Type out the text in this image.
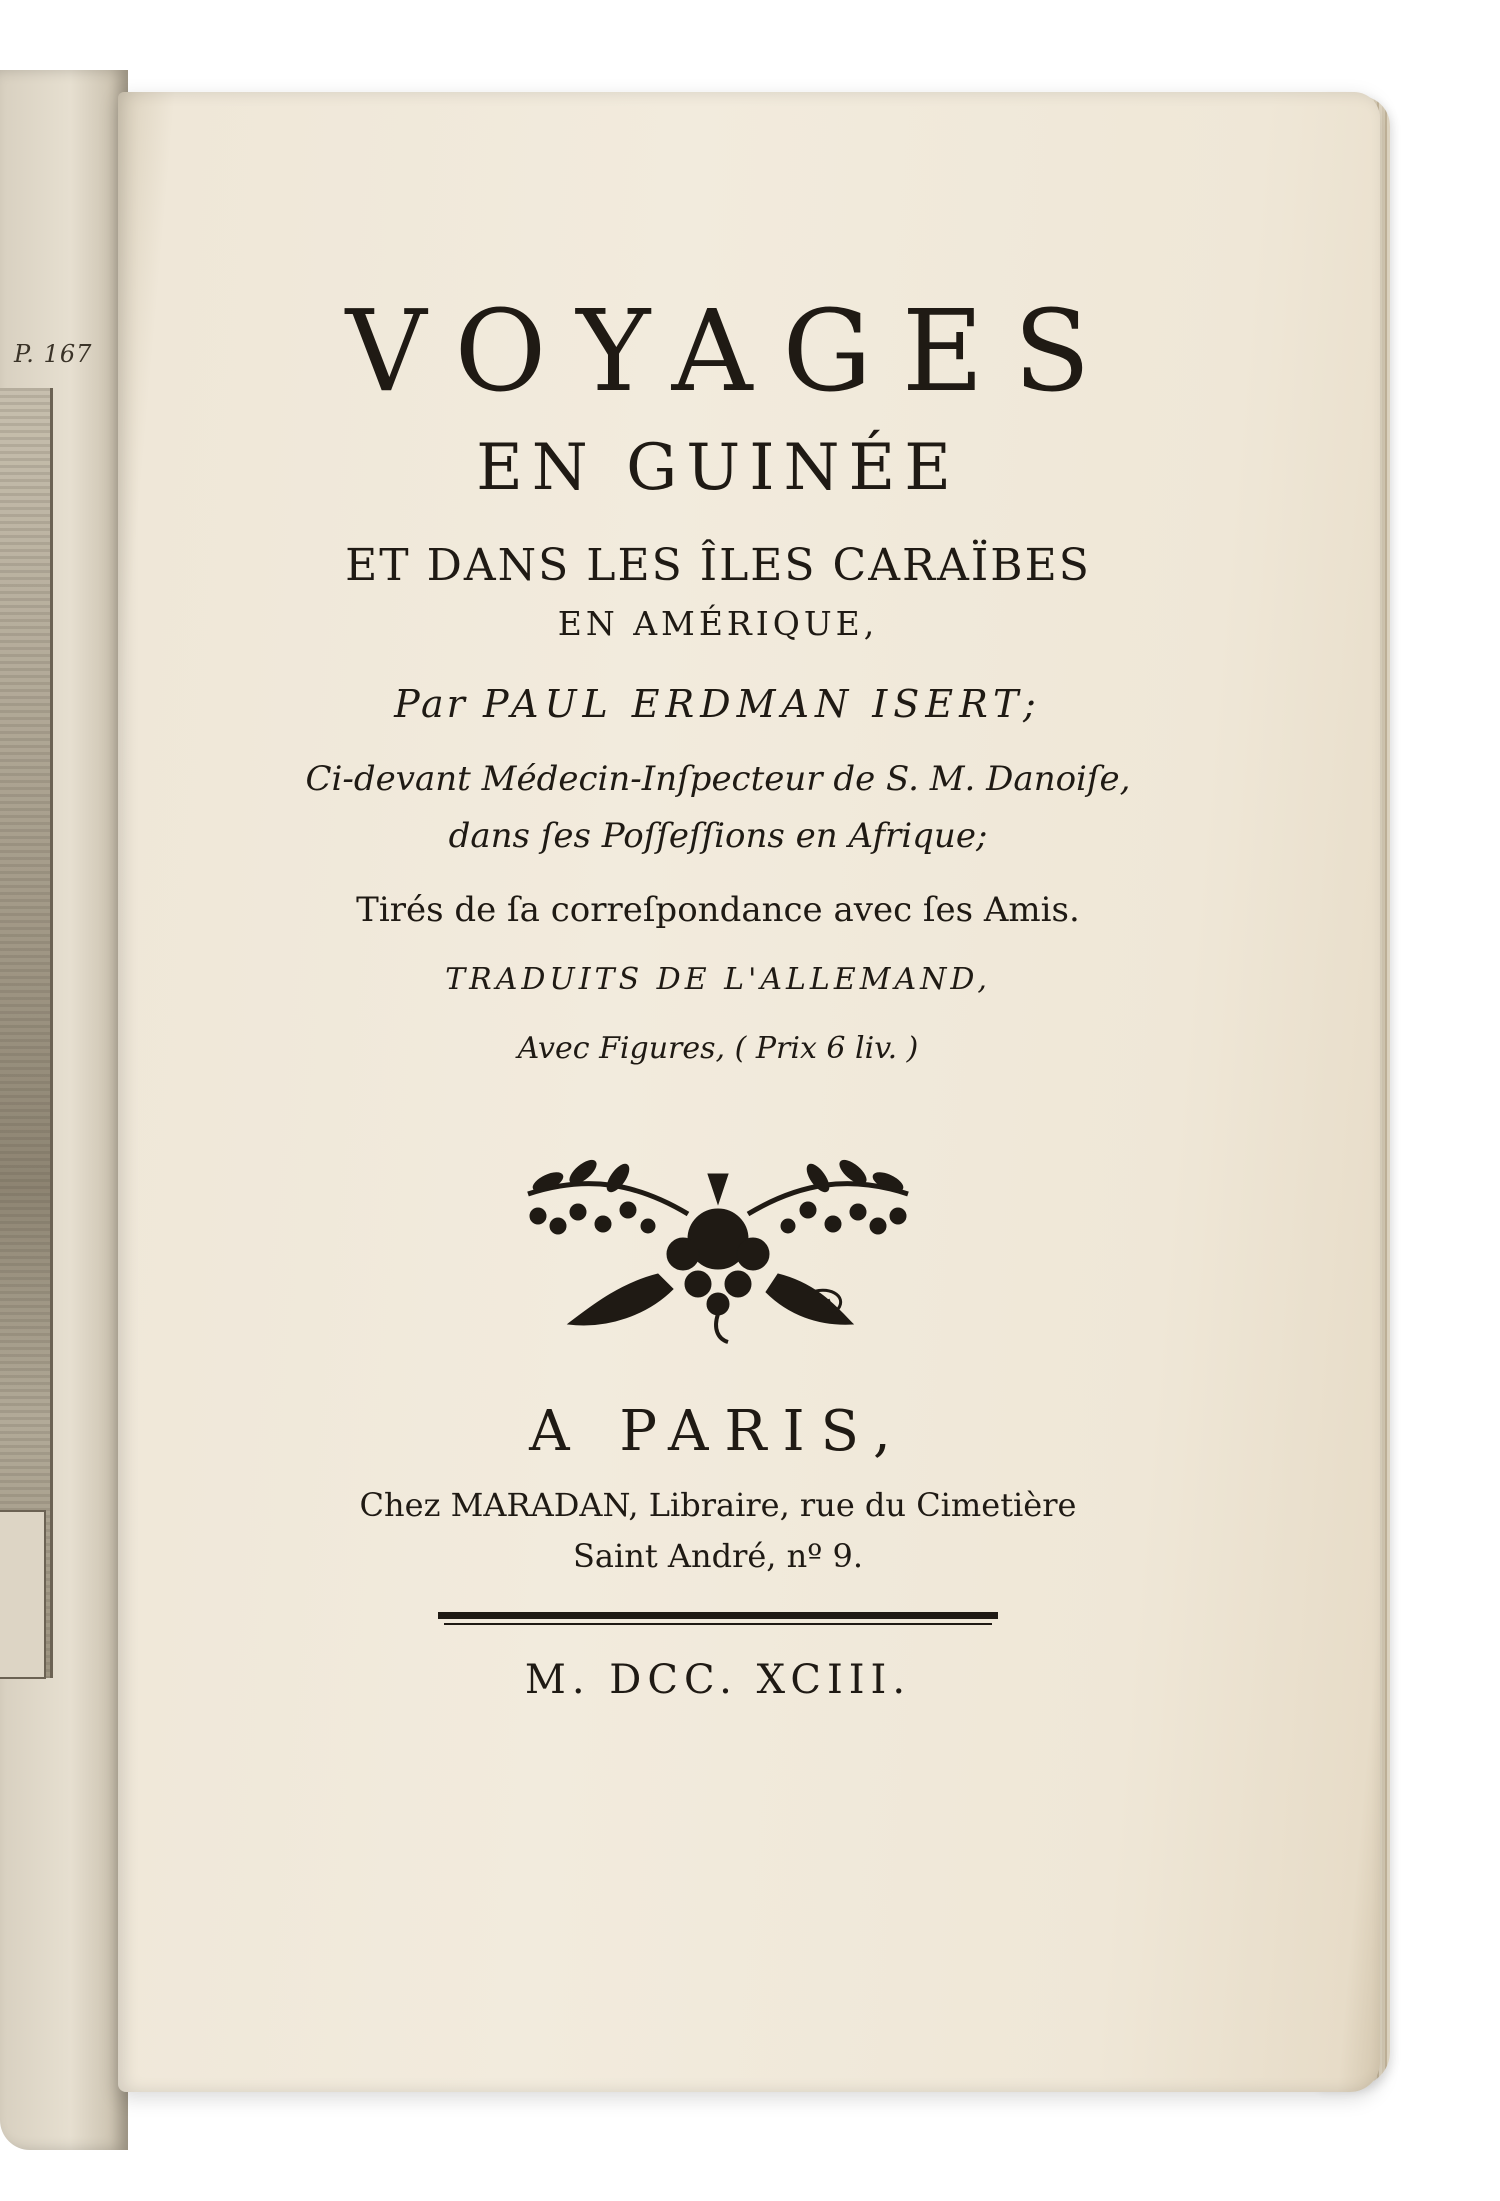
P. 167	VOYAGES
EN GUINÉE
ET DANS LES ÎLES CARAÏBES
EN AMÉRIQUE,
Par PAUL ERDMAN ISERT;
Ci-devant Médecin-Inſpecteur de S. M. Danoiſe,
dans ſes Poſſeſſions en Afrique;
Tirés de ſa correſpondance avec ſes Amis.
TRADUITS DE L'ALLEMAND,
Avec Figures, ( Prix 6 liv. )
A PARIS,
Chez MARADAN, Libraire, rue du Cimetière
Saint André, nº 9.
M. DCC. XCIII.
